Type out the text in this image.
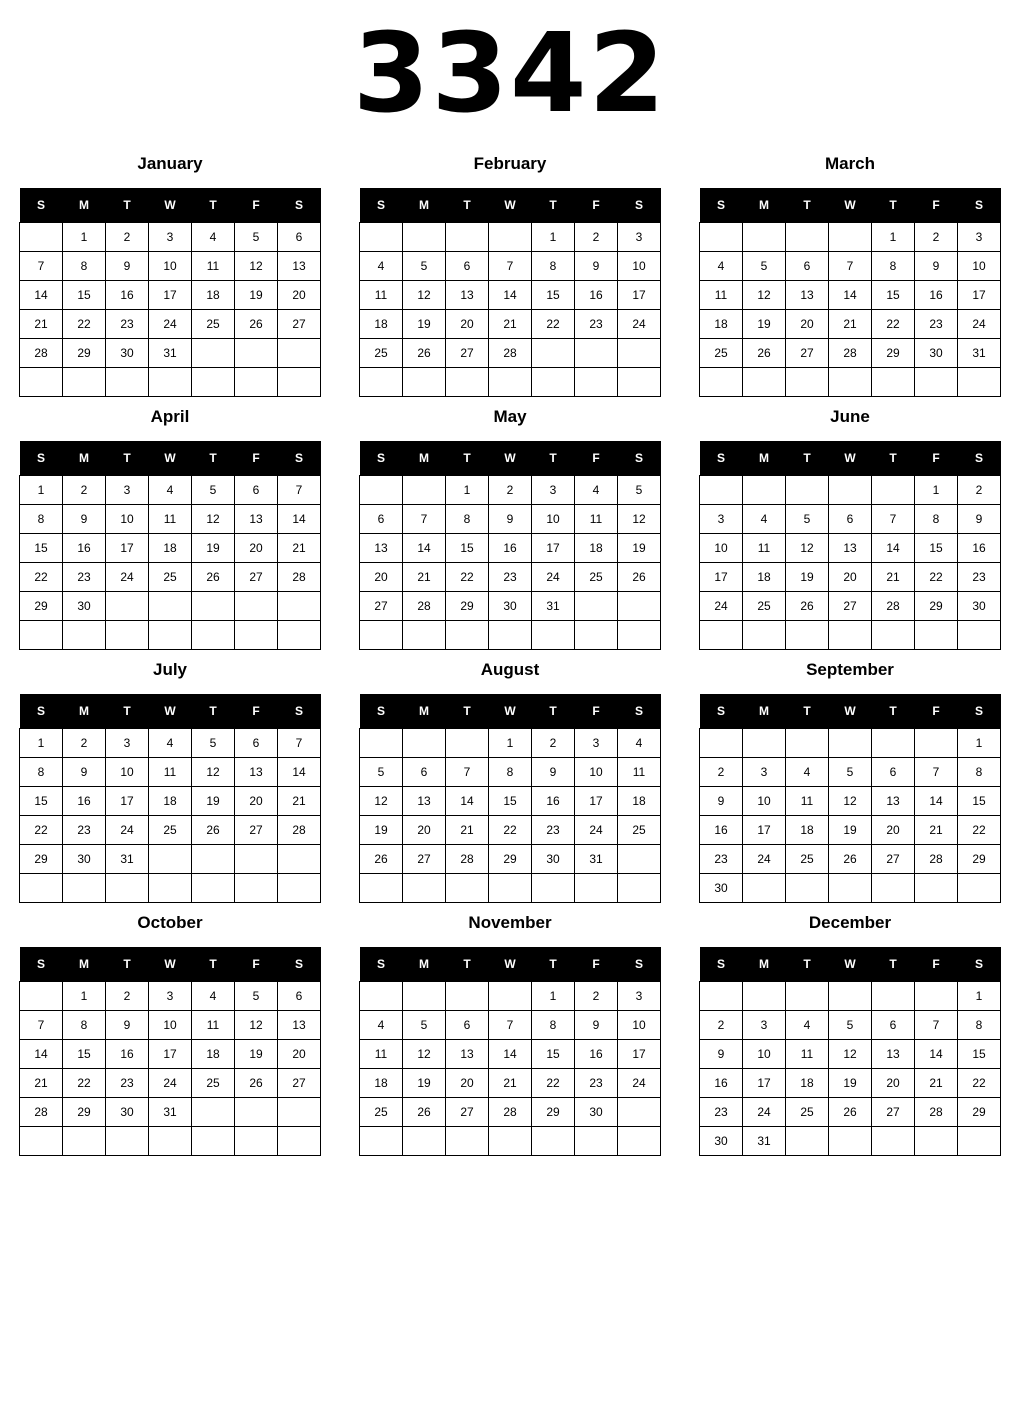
3342
January
S	M	T	W	T	F	S
	1	2	3	4	5	6
7	8	9	10	11	12	13
14	15	16	17	18	19	20
21	22	23	24	25	26	27
28	29	30	31			

February
S	M	T	W	T	F	S
				1	2	3
4	5	6	7	8	9	10
11	12	13	14	15	16	17
18	19	20	21	22	23	24
25	26	27	28			

March
S	M	T	W	T	F	S
				1	2	3
4	5	6	7	8	9	10
11	12	13	14	15	16	17
18	19	20	21	22	23	24
25	26	27	28	29	30	31

April
S	M	T	W	T	F	S
1	2	3	4	5	6	7
8	9	10	11	12	13	14
15	16	17	18	19	20	21
22	23	24	25	26	27	28
29	30					

May
S	M	T	W	T	F	S
		1	2	3	4	5
6	7	8	9	10	11	12
13	14	15	16	17	18	19
20	21	22	23	24	25	26
27	28	29	30	31		

June
S	M	T	W	T	F	S
					1	2
3	4	5	6	7	8	9
10	11	12	13	14	15	16
17	18	19	20	21	22	23
24	25	26	27	28	29	30

July
S	M	T	W	T	F	S
1	2	3	4	5	6	7
8	9	10	11	12	13	14
15	16	17	18	19	20	21
22	23	24	25	26	27	28
29	30	31				

August
S	M	T	W	T	F	S
			1	2	3	4
5	6	7	8	9	10	11
12	13	14	15	16	17	18
19	20	21	22	23	24	25
26	27	28	29	30	31	

September
S	M	T	W	T	F	S
						1
2	3	4	5	6	7	8
9	10	11	12	13	14	15
16	17	18	19	20	21	22
23	24	25	26	27	28	29
30						
October
S	M	T	W	T	F	S
	1	2	3	4	5	6
7	8	9	10	11	12	13
14	15	16	17	18	19	20
21	22	23	24	25	26	27
28	29	30	31			

November
S	M	T	W	T	F	S
				1	2	3
4	5	6	7	8	9	10
11	12	13	14	15	16	17
18	19	20	21	22	23	24
25	26	27	28	29	30	

December
S	M	T	W	T	F	S
						1
2	3	4	5	6	7	8
9	10	11	12	13	14	15
16	17	18	19	20	21	22
23	24	25	26	27	28	29
30	31					
